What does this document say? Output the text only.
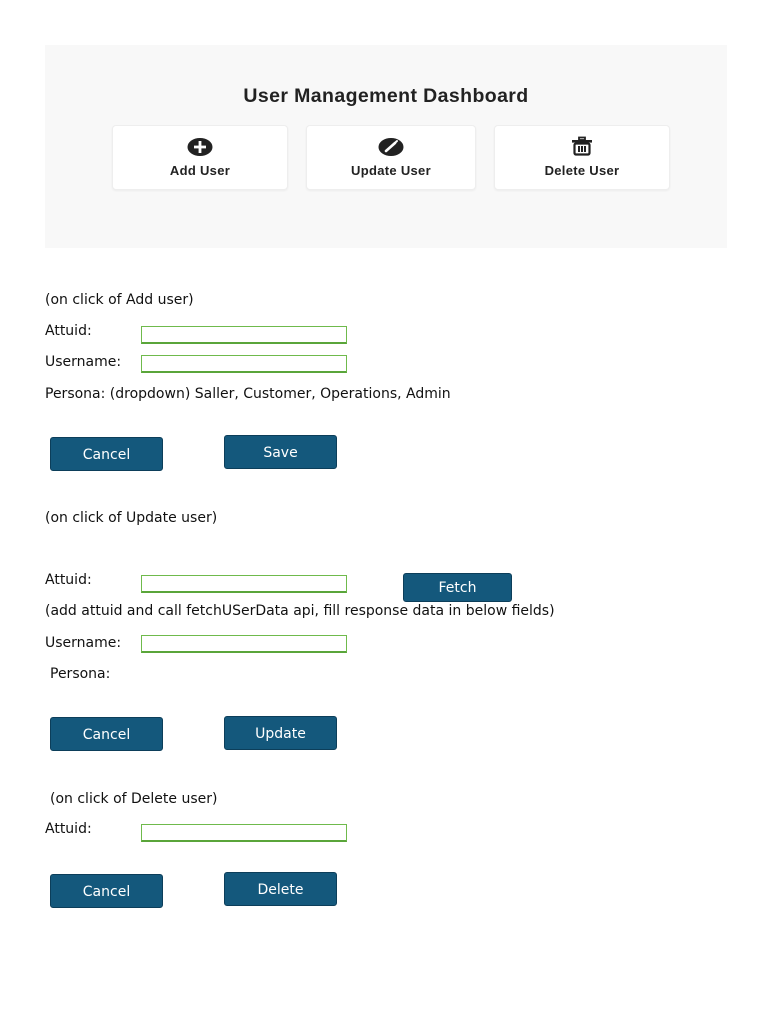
User Management Dashboard
Add User	Update User	Delete User
(on click of Add user)
Attuid:
Username:
Persona: (dropdown) Saller, Customer, Operations, Admin
Cancel	Save
(on click of Update user)
Attuid:	Fetch
(add attuid and call fetchUSerData api, fill response data in below fields)
Username:
Persona:
Cancel	Update
(on click of Delete user)
Attuid:
Cancel	Delete
